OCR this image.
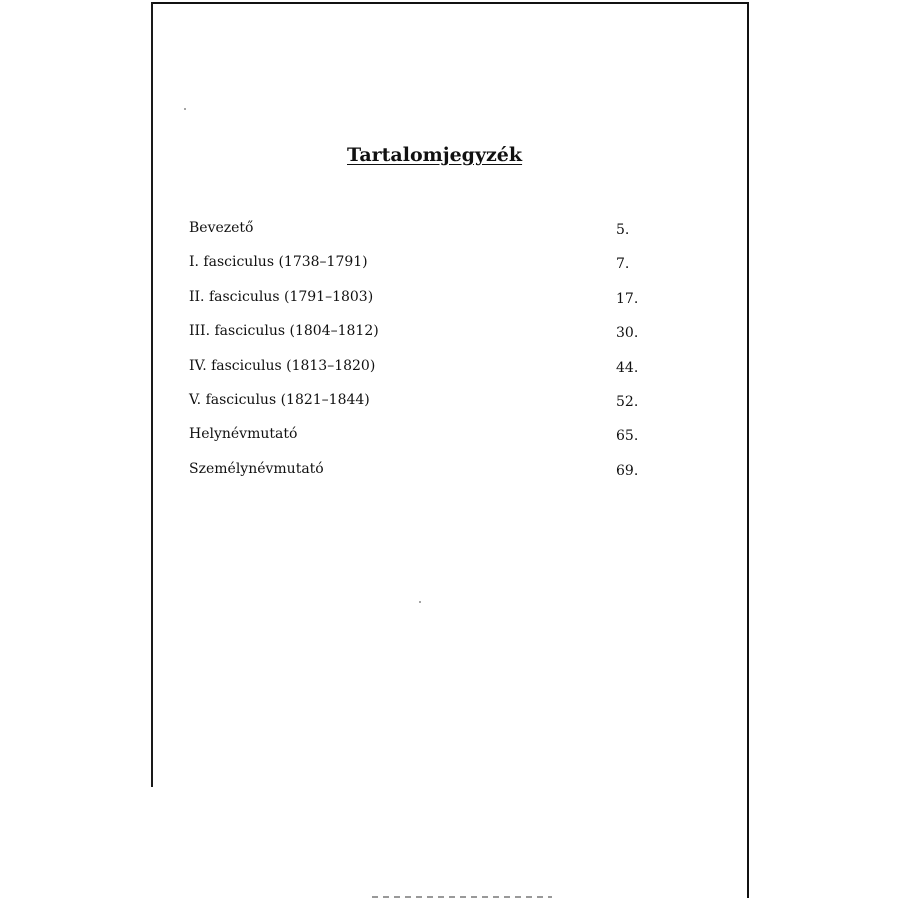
Tartalomjegyzék
Bevezető	5.
I. fasciculus (1738–1791)	7.
II. fasciculus (1791–1803)	17.
III. fasciculus (1804–1812)	30.
IV. fasciculus (1813–1820)	44.
V. fasciculus (1821–1844)	52.
Helynévmutató	65.
Személynévmutató	69.
